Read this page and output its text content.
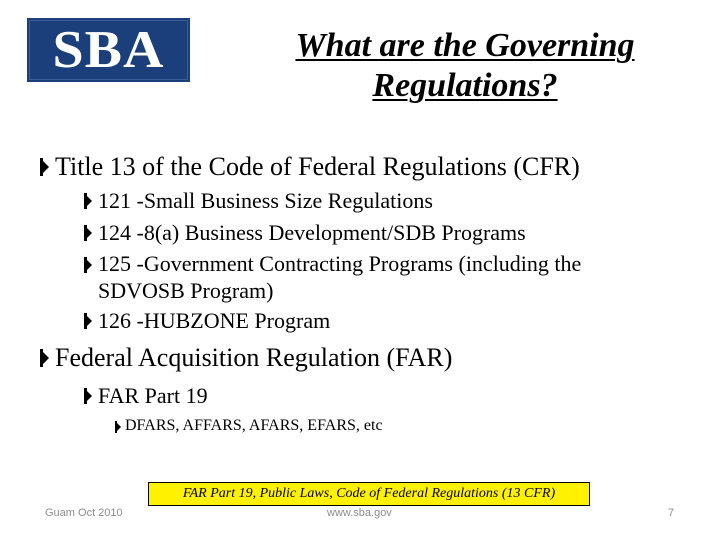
SBA	What are the Governing
Regulations?
Title 13 of the Code of Federal Regulations (CFR)
121 -Small Business Size Regulations
124 -8(a) Business Development/SDB Programs
125 -Government Contracting Programs (including the SDVOSB Program)
126 -HUBZONE Program
Federal Acquisition Regulation (FAR)
FAR Part 19
DFARS, AFFARS, AFARS, EFARS, etc
FAR Part 19, Public Laws, Code of Federal Regulations (13 CFR)
Guam Oct 2010	www.sba.gov	7
